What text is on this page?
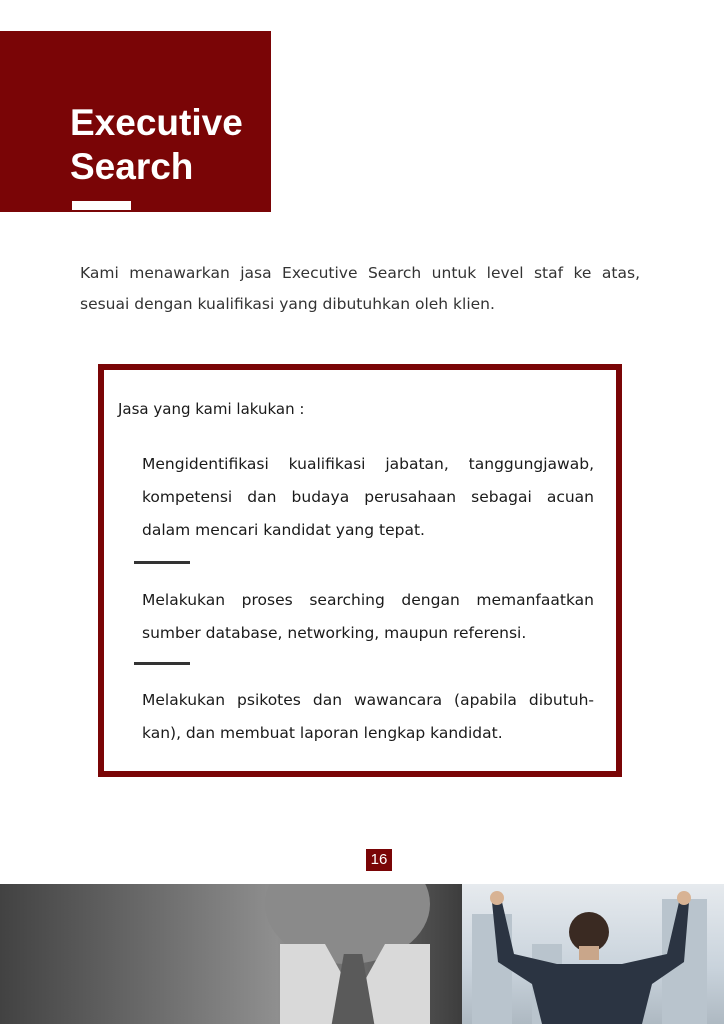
Executive
Search

Kami menawarkan jasa Executive Search untuk level staf ke atas, sesuai dengan kualifikasi yang dibutuhkan oleh klien.

Jasa yang kami lakukan :

Mengidentifikasi kualifikasi jabatan, tanggungjawab, kompetensi dan budaya perusahaan sebagai acuan dalam mencari kandidat yang tepat.

Melakukan proses searching dengan memanfaatkan sumber database, networking, maupun referensi.

Melakukan psikotes dan wawancara (apabila dibutuh-kan), dan membuat laporan lengkap kandidat.

16
